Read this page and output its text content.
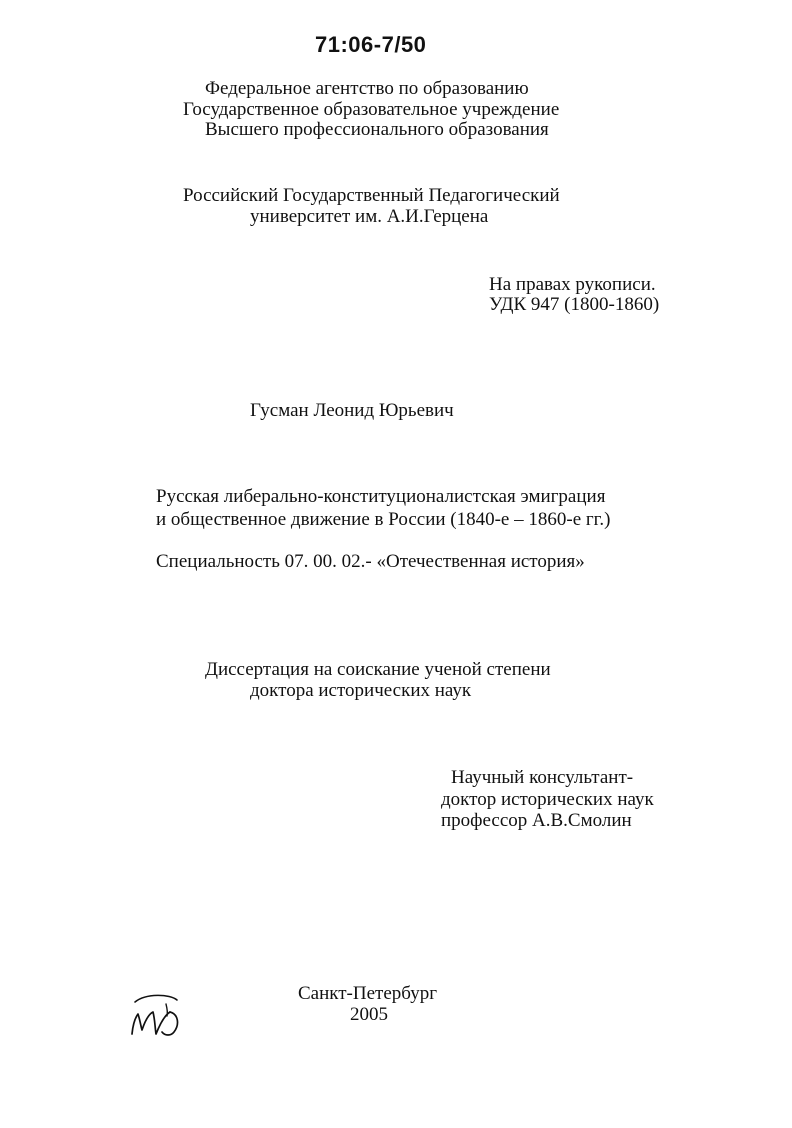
71:06-7/50
Федеральное агентство по образованию
Государственное образовательное учреждение
Высшего профессионального образования
Российский Государственный Педагогический
университет им. А.И.Герцена
На правах рукописи.
УДК 947 (1800-1860)
Гусман Леонид Юрьевич
Русская либерально-конституционалистская эмиграция
и общественное движение в России (1840-е – 1860-е гг.)
Специальность 07. 00. 02.- «Отечественная история»
Диссертация на соискание ученой степени
доктора исторических наук
Научный консультант-
доктор исторических наук
профессор А.В.Смолин
Санкт-Петербург
2005
